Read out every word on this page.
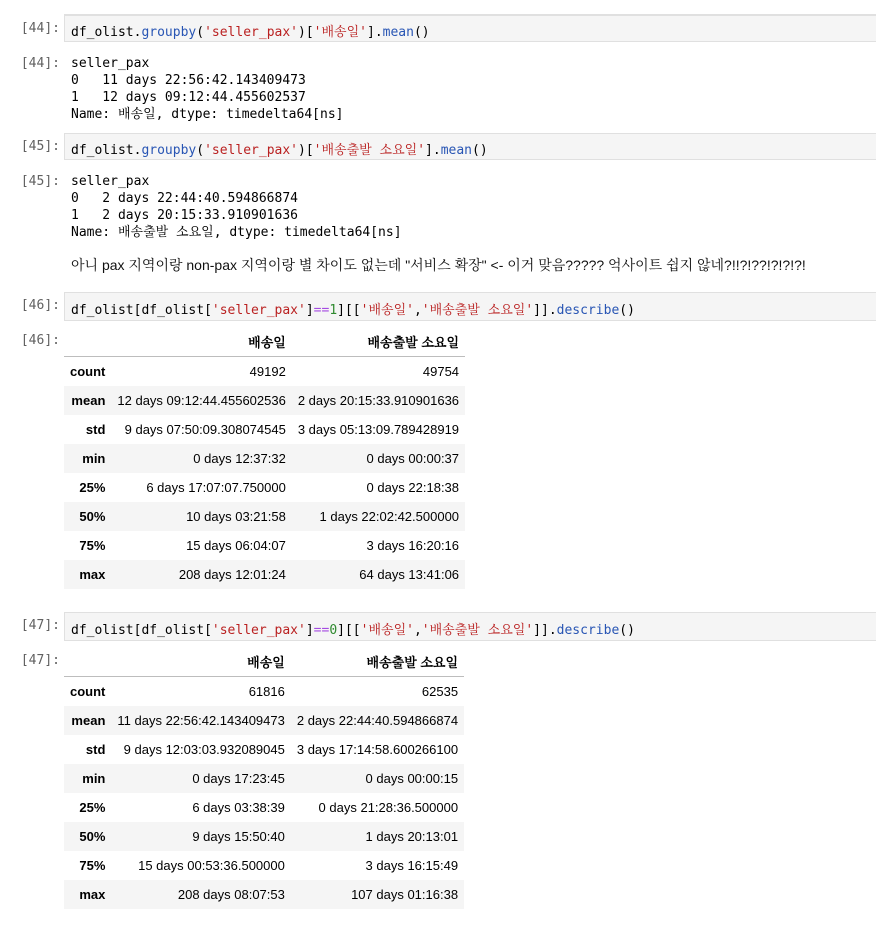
[44]: df_olist.groupby('seller_pax')['배송일'].mean()
[44]: seller_pax
0   11 days 22:56:42.143409473
1   12 days 09:12:44.455602537
Name: 배송일, dtype: timedelta64[ns]
[45]: df_olist.groupby('seller_pax')['배송출발 소요일'].mean()
[45]: seller_pax
0   2 days 22:44:40.594866874
1   2 days 20:15:33.910901636
Name: 배송출발 소요일, dtype: timedelta64[ns]
아니 pax 지역이랑 non-pax 지역이랑 별 차이도 없는데 "서비스 확장" <- 이거 맞음????? 억사이트 쉽지 않네?!!?!??!?!?!?!
[46]: df_olist[df_olist['seller_pax']==1][['배송일','배송출발 소요일']].describe()
[46]:
		배송일	배송출발 소요일
count	49192	49754
mean	12 days 09:12:44.455602536	2 days 20:15:33.910901636
std	9 days 07:50:09.308074545	3 days 05:13:09.789428919
min	0 days 12:37:32	0 days 00:00:37
25%	6 days 17:07:07.750000	0 days 22:18:38
50%	10 days 03:21:58	1 days 22:02:42.500000
75%	15 days 06:04:07	3 days 16:20:16
max	208 days 12:01:24	64 days 13:41:06
[47]: df_olist[df_olist['seller_pax']==0][['배송일','배송출발 소요일']].describe()
[47]:
		배송일	배송출발 소요일
count	61816	62535
mean	11 days 22:56:42.143409473	2 days 22:44:40.594866874
std	9 days 12:03:03.932089045	3 days 17:14:58.600266100
min	0 days 17:23:45	0 days 00:00:15
25%	6 days 03:38:39	0 days 21:28:36.500000
50%	9 days 15:50:40	1 days 20:13:01
75%	15 days 00:53:36.500000	3 days 16:15:49
max	208 days 08:07:53	107 days 01:16:38
